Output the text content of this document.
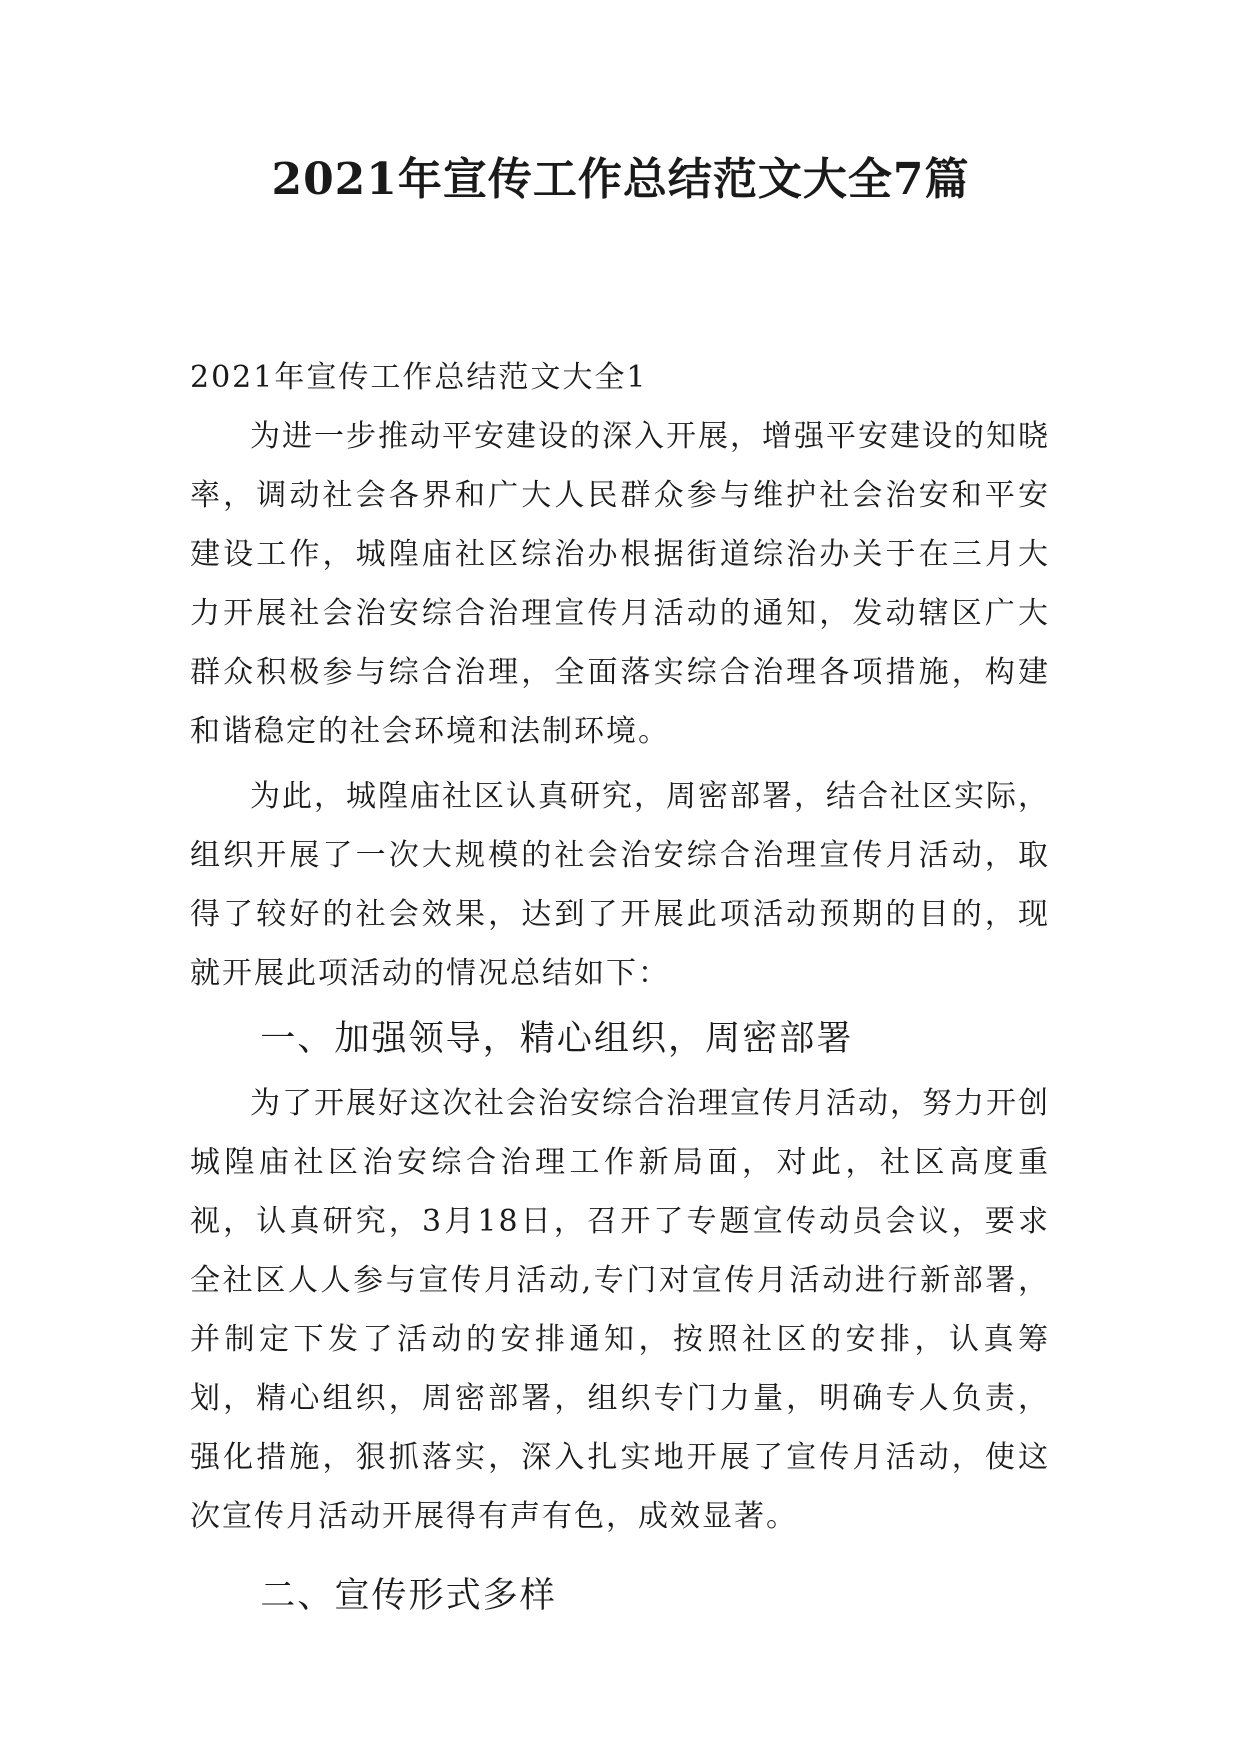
2021年宣传工作总结范文大全7篇
2021年宣传工作总结范文大全1

为进一步推动平安建设的深入开展，增强平安建设的知晓率，调动社会各界和广大人民群众参与维护社会治安和平安建设工作，城隍庙社区综治办根据街道综治办关于在三月大力开展社会治安综合治理宣传月活动的通知，发动辖区广大群众积极参与综合治理，全面落实综合治理各项措施，构建和谐稳定的社会环境和法制环境。

为此，城隍庙社区认真研究，周密部署，结合社区实际，组织开展了一次大规模的社会治安综合治理宣传月活动，取得了较好的社会效果，达到了开展此项活动预期的目的，现就开展此项活动的情况总结如下：

一、加强领导，精心组织，周密部署

为了开展好这次社会治安综合治理宣传月活动，努力开创城隍庙社区治安综合治理工作新局面，对此，社区高度重视，认真研究，3月18日，召开了专题宣传动员会议，要求全社区人人参与宣传月活动,专门对宣传月活动进行新部署，并制定下发了活动的安排通知，按照社区的安排，认真筹划，精心组织，周密部署，组织专门力量，明确专人负责，强化措施，狠抓落实，深入扎实地开展了宣传月活动，使这次宣传月活动开展得有声有色，成效显著。

二、宣传形式多样
